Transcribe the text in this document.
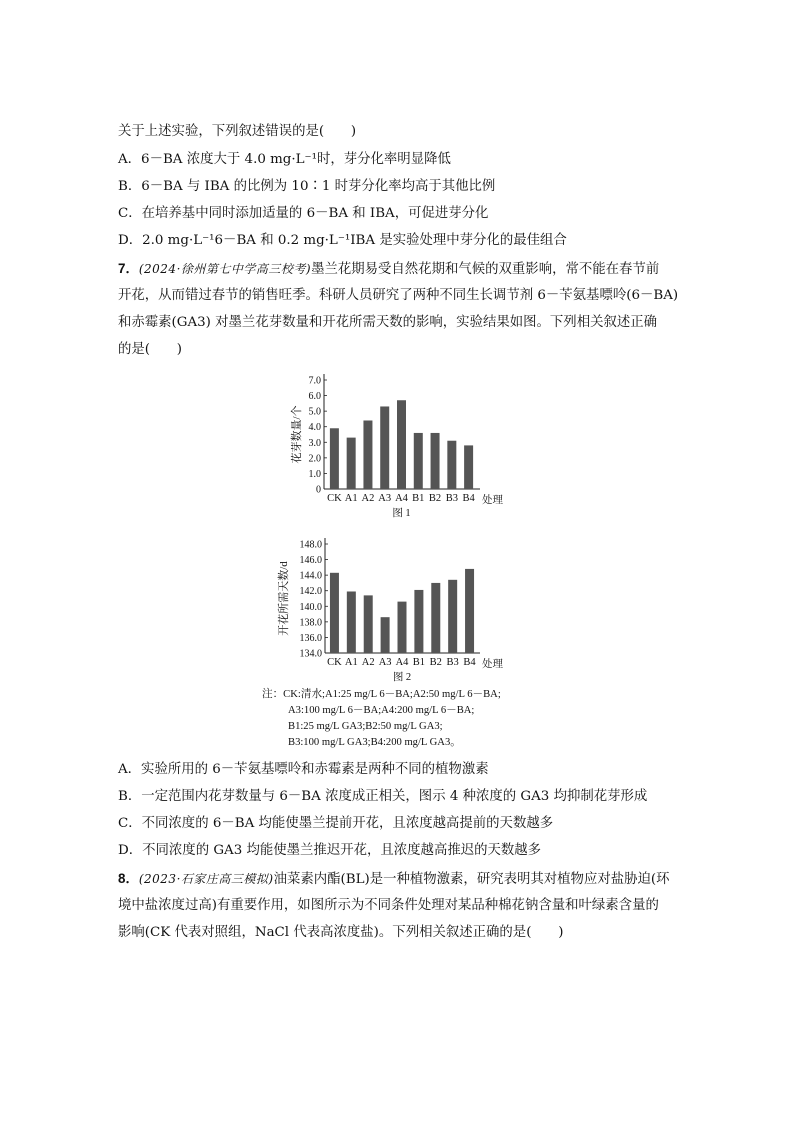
关于上述实验，下列叙述错误的是(　　)
A．6－BA 浓度大于 4.0 mg·L⁻¹时，芽分化率明显降低
B．6－BA 与 IBA 的比例为 10∶1 时芽分化率均高于其他比例
C．在培养基中同时添加适量的 6－BA 和 IBA，可促进芽分化
D．2.0 mg·L⁻¹6－BA 和 0.2 mg·L⁻¹IBA 是实验处理中芽分化的最佳组合
7．(2024·徐州第七中学高三校考)墨兰花期易受自然花期和气候的双重影响，常不能在春节前
开花，从而错过春节的销售旺季。科研人员研究了两种不同生长调节剂 6－苄氨基嘌呤(6－BA)
和赤霉素(GA3) 对墨兰花芽数量和开花所需天数的影响，实验结果如图。下列相关叙述正确
的是(　　)
0
1.0
2.0
3.0
4.0
5.0
6.0
7.0
CK A1 A2 A3 A4 B1 B2 B3 B4 处理
花芽数量/个
图 1
134.0
136.0
138.0
140.0
142.0
144.0
146.0
148.0
CK A1 A2 A3 A4 B1 B2 B3 B4 处理
开花所需天数/d
图 2
注：CK:清水;A1:25 mg/L 6－BA;A2:50 mg/L 6－BA;
A3:100 mg/L 6－BA;A4:200 mg/L 6－BA;
B1:25 mg/L GA3;B2:50 mg/L GA3;
B3:100 mg/L GA3;B4:200 mg/L GA3。
A．实验所用的 6－苄氨基嘌呤和赤霉素是两种不同的植物激素
B．一定范围内花芽数量与 6－BA 浓度成正相关，图示 4 种浓度的 GA3 均抑制花芽形成
C．不同浓度的 6－BA 均能使墨兰提前开花，且浓度越高提前的天数越多
D．不同浓度的 GA3 均能使墨兰推迟开花，且浓度越高推迟的天数越多
8．(2023·石家庄高三模拟)油菜素内酯(BL)是一种植物激素，研究表明其对植物应对盐胁迫(环
境中盐浓度过高)有重要作用，如图所示为不同条件处理对某品种棉花钠含量和叶绿素含量的
影响(CK 代表对照组，NaCl 代表高浓度盐)。下列相关叙述正确的是(　　)
